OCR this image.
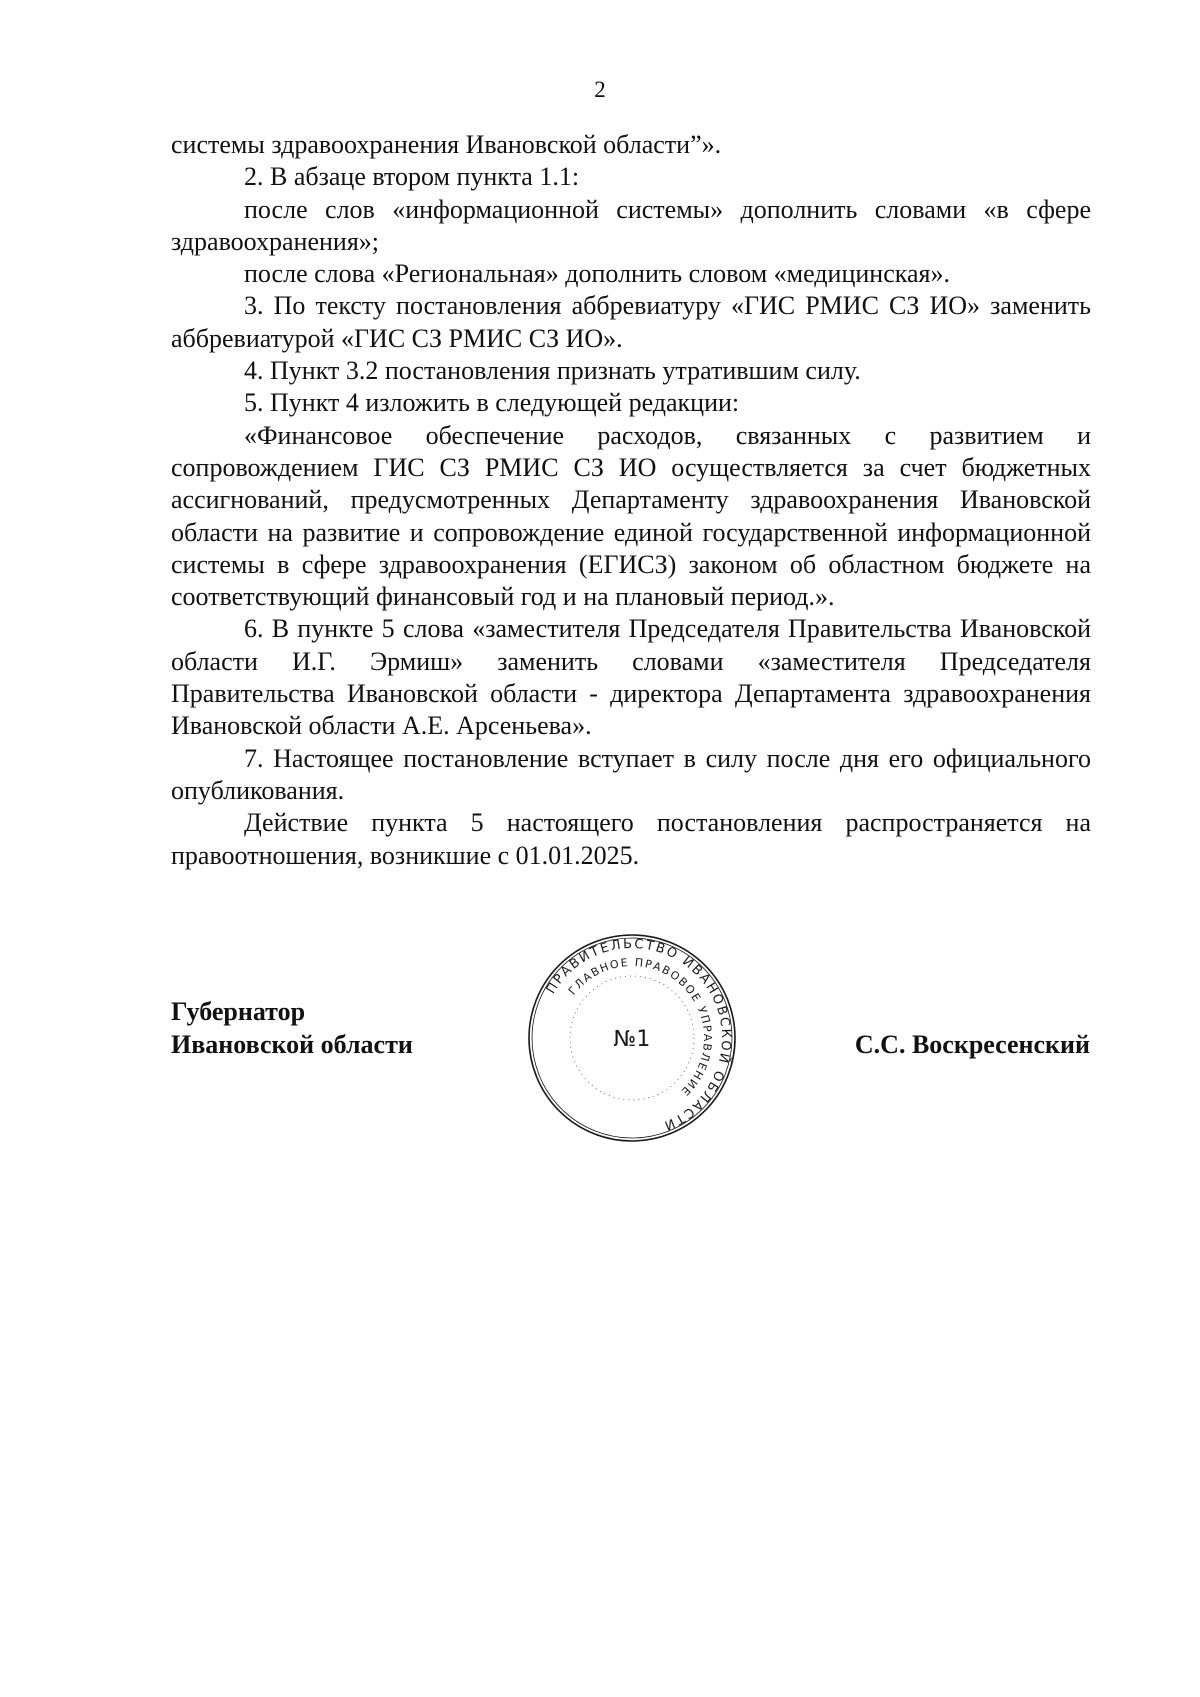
2

системы здравоохранения Ивановской области”».

2. В абзаце втором пункта 1.1:

после слов «информационной системы» дополнить словами «в сфере здравоохранения»;

после слова «Региональная» дополнить словом «медицинская».

3. По тексту постановления аббревиатуру «ГИС РМИС СЗ ИО» заменить аббревиатурой «ГИС СЗ РМИС СЗ ИО».

4. Пункт 3.2 постановления признать утратившим силу.

5. Пункт 4 изложить в следующей редакции:

«Финансовое обеспечение расходов, связанных с развитием и сопровождением ГИС СЗ РМИС СЗ ИО осуществляется за счет бюджетных ассигнований, предусмотренных Департаменту здравоохранения Ивановской области на развитие и сопровождение единой государственной информационной системы в сфере здравоохранения (ЕГИСЗ) законом об областном бюджете на соответствующий финансовый год и на плановый период.».

6. В пункте 5 слова «заместителя Председателя Правительства Ивановской области И.Г. Эрмиш» заменить словами «заместителя Председателя Правительства Ивановской области - директора Департамента здравоохранения Ивановской области А.Е. Арсеньева».

7. Настоящее постановление вступает в силу после дня его официального опубликования.

Действие пункта 5 настоящего постановления распространяется на правоотношения, возникшие с 01.01.2025.

Губернатор
Ивановской области
ПРАВИТЕЛЬСТВО ИВАНОВСКОЙ ОБЛАСТИ
ГЛАВНОЕ ПРАВОВОЕ УПРАВЛЕНИЕ
№1	С.С. Воскресенский
